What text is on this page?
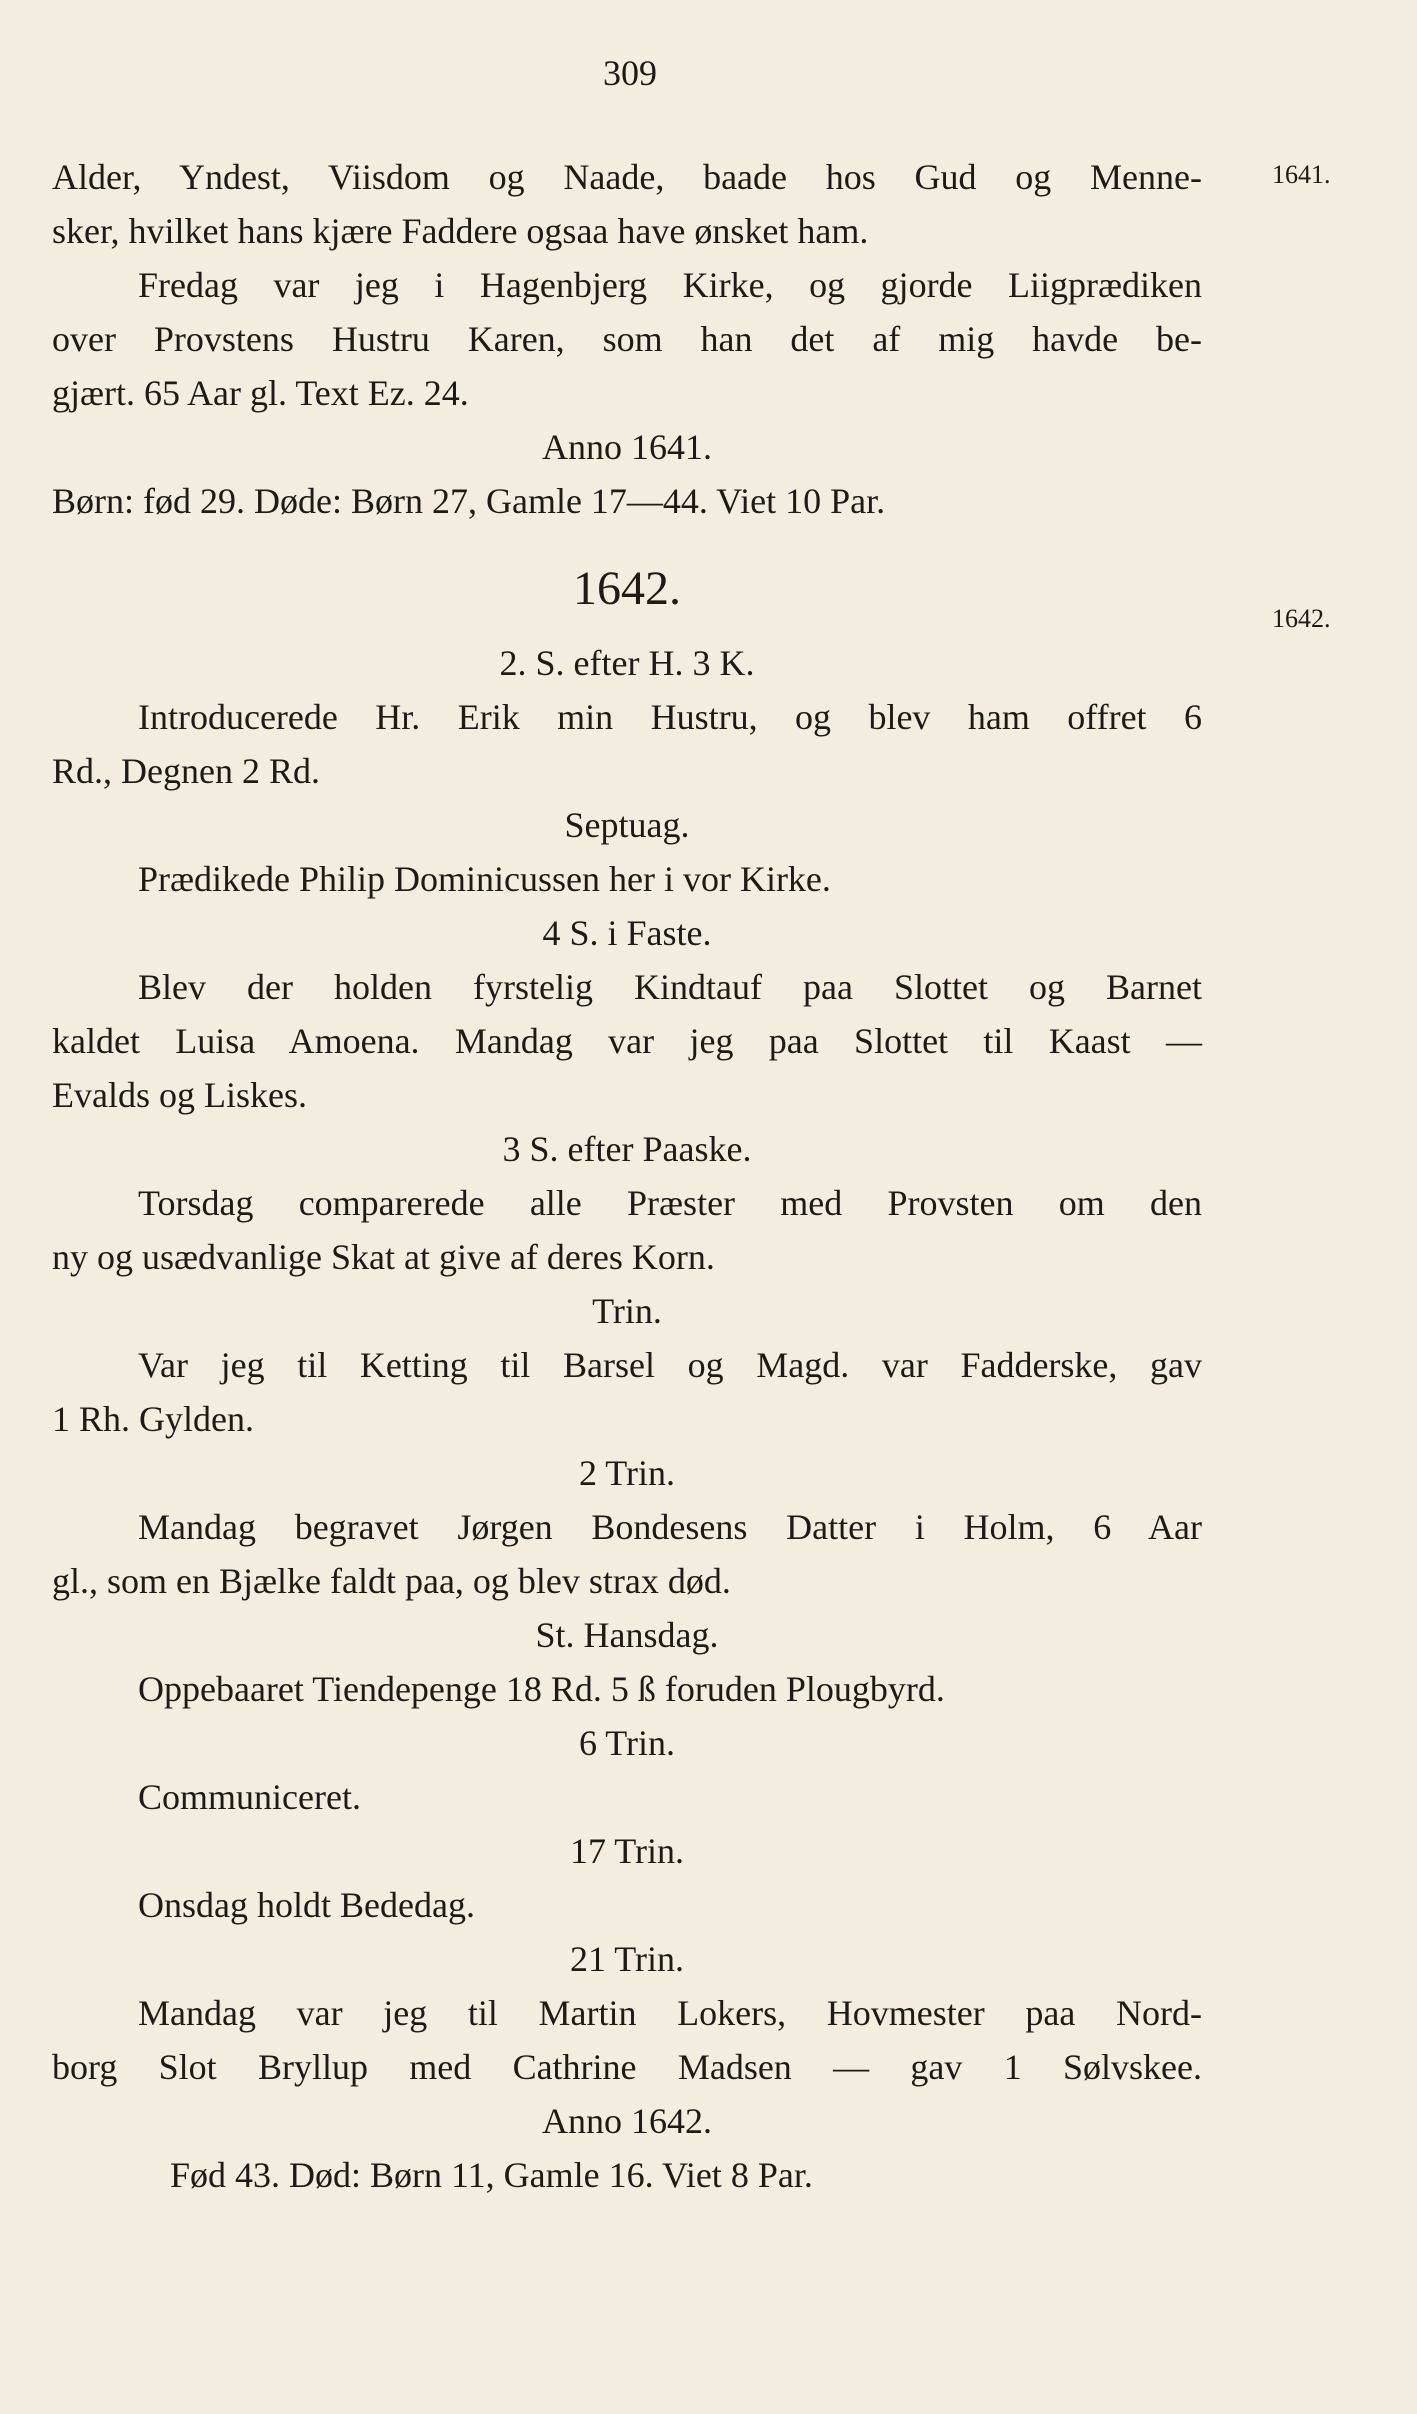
309
1641.
1642.
Alder, Yndest, Viisdom og Naade, baade hos Gud og Menne-
sker, hvilket hans kjære Faddere ogsaa have ønsket ham.
Fredag var jeg i Hagenbjerg Kirke, og gjorde Liigprædiken
over Provstens Hustru Karen, som han det af mig havde be-
gjært. 65 Aar gl. Text Ez. 24.
Anno 1641.
Børn: fød 29. Døde: Børn 27, Gamle 17—44. Viet 10 Par.
1642.
2. S. efter H. 3 K.
Introducerede Hr. Erik min Hustru, og blev ham offret 6
Rd., Degnen 2 Rd.
Septuag.
Prædikede Philip Dominicussen her i vor Kirke.
4 S. i Faste.
Blev der holden fyrstelig Kindtauf paa Slottet og Barnet
kaldet Luisa Amoena. Mandag var jeg paa Slottet til Kaast —
Evalds og Liskes.
3 S. efter Paaske.
Torsdag comparerede alle Præster med Provsten om den
ny og usædvanlige Skat at give af deres Korn.
Trin.
Var jeg til Ketting til Barsel og Magd. var Fadderske, gav
1 Rh. Gylden.
2 Trin.
Mandag begravet Jørgen Bondesens Datter i Holm, 6 Aar
gl., som en Bjælke faldt paa, og blev strax død.
St. Hansdag.
Oppebaaret Tiendepenge 18 Rd. 5 ß foruden Plougbyrd.
6 Trin.
Communiceret.
17 Trin.
Onsdag holdt Bededag.
21 Trin.
Mandag var jeg til Martin Lokers, Hovmester paa Nord-
borg Slot Bryllup med Cathrine Madsen — gav 1 Sølvskee.
Anno 1642.
Fød 43. Død: Børn 11, Gamle 16. Viet 8 Par.
